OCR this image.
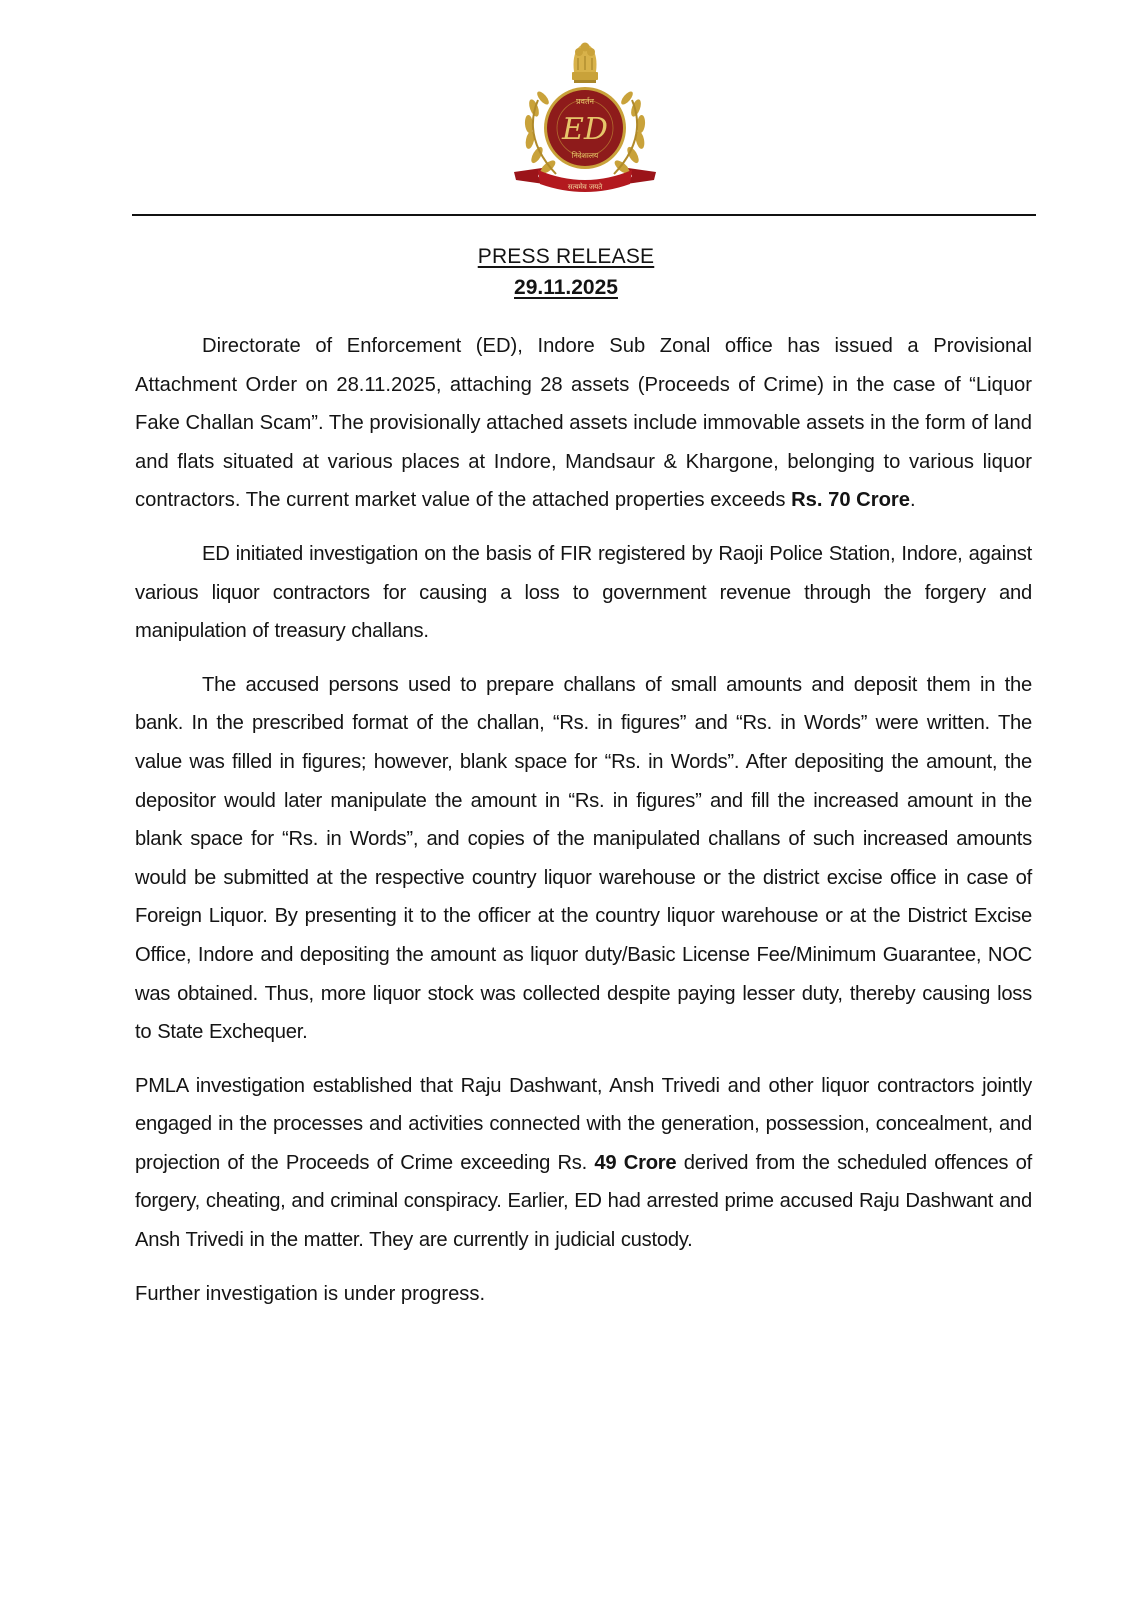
प्रवर्तन
ED
निदेशालय
सत्यमेव जयते
PRESS RELEASE
29.11.2025

Directorate of Enforcement (ED), Indore Sub Zonal office has issued a Provisional Attachment Order on 28.11.2025, attaching 28 assets (Proceeds of Crime) in the case of “Liquor Fake Challan Scam”. The provisionally attached assets include immovable assets in the form of land and flats situated at various places at Indore, Mandsaur & Khargone, belonging to various liquor contractors. The current market value of the attached properties exceeds Rs. 70 Crore.

ED initiated investigation on the basis of FIR registered by Raoji Police Station, Indore, against various liquor contractors for causing a loss to government revenue through the forgery and manipulation of treasury challans.

The accused persons used to prepare challans of small amounts and deposit them in the bank. In the prescribed format of the challan, “Rs. in figures” and “Rs. in Words” were written. The value was filled in figures; however, blank space for “Rs. in Words”. After depositing the amount, the depositor would later manipulate the amount in “Rs. in figures” and fill the increased amount in the blank space for “Rs. in Words”, and copies of the manipulated challans of such increased amounts would be submitted at the respective country liquor warehouse or the district excise office in case of Foreign Liquor. By presenting it to the officer at the country liquor warehouse or at the District Excise Office, Indore and depositing the amount as liquor duty/Basic License Fee/Minimum Guarantee, NOC was obtained. Thus, more liquor stock was collected despite paying lesser duty, thereby causing loss to State Exchequer.

PMLA investigation established that Raju Dashwant, Ansh Trivedi and other liquor contractors jointly engaged in the processes and activities connected with the generation, possession, concealment, and projection of the Proceeds of Crime exceeding Rs. 49 Crore derived from the scheduled offences of forgery, cheating, and criminal conspiracy. Earlier, ED had arrested prime accused Raju Dashwant and Ansh Trivedi in the matter. They are currently in judicial custody.

Further investigation is under progress.
